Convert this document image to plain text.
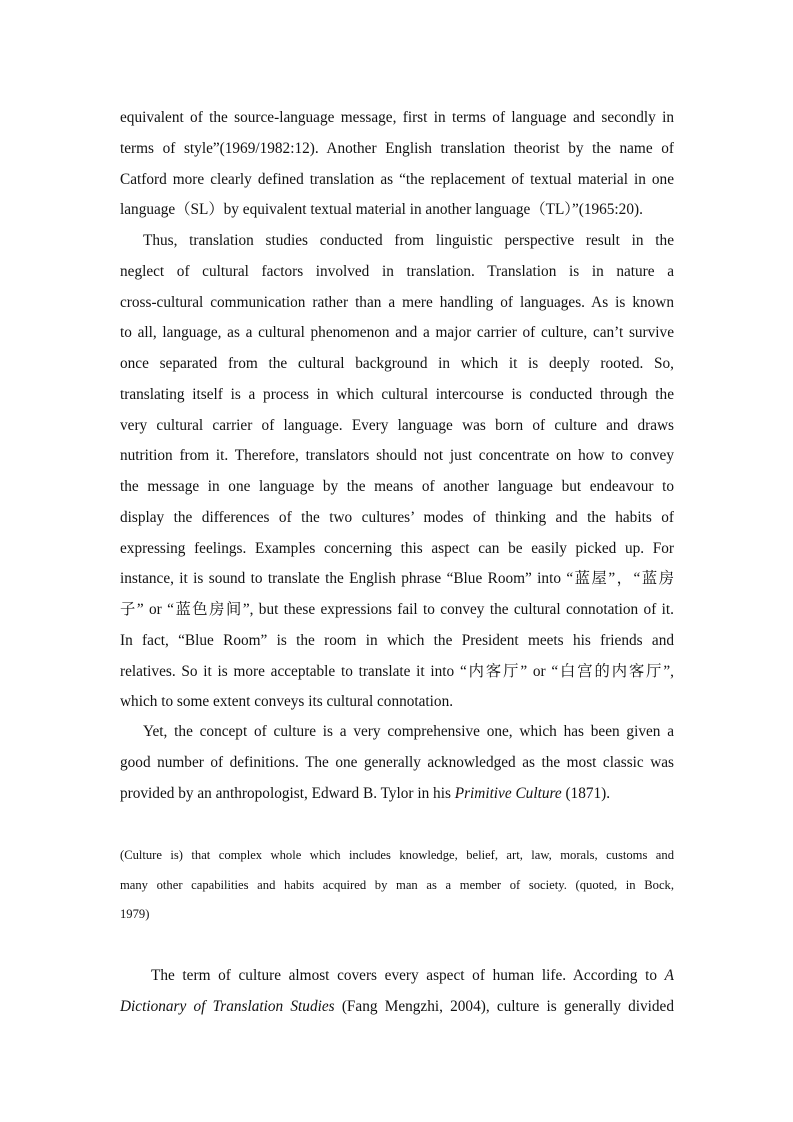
equivalent of the source-language message, first in terms of language and secondly in
terms of style”(1969/1982:12). Another English translation theorist by the name of
Catford more clearly defined translation as “the replacement of textual material in one
language（SL）by equivalent textual material in another language（TL）”(1965:20).
Thus, translation studies conducted from linguistic perspective result in the
neglect of cultural factors involved in translation. Translation is in nature a
cross-cultural communication rather than a mere handling of languages. As is known
to all, language, as a cultural phenomenon and a major carrier of culture, can’t survive
once separated from the cultural background in which it is deeply rooted. So,
translating itself is a process in which cultural intercourse is conducted through the
very cultural carrier of language. Every language was born of culture and draws
nutrition from it. Therefore, translators should not just concentrate on how to convey
the message in one language by the means of another language but endeavour to
display the differences of the two cultures’ modes of thinking and the habits of
expressing feelings. Examples concerning this aspect can be easily picked up. For
instance, it is sound to translate the English phrase “Blue Room” into “蓝屋”，“蓝房
子” or “蓝色房间”, but these expressions fail to convey the cultural connotation of it.
In fact, “Blue Room” is the room in which the President meets his friends and
relatives. So it is more acceptable to translate it into “内客厅” or “白宫的内客厅”,
which to some extent conveys its cultural connotation.
Yet, the concept of culture is a very comprehensive one, which has been given a
good number of definitions. The one generally acknowledged as the most classic was
provided by an anthropologist, Edward B. Tylor in his Primitive Culture (1871).
(Culture is) that complex whole which includes knowledge, belief, art, law, morals, customs and
many other capabilities and habits acquired by man as a member of society. (quoted, in Bock,
1979)
The term of culture almost covers every aspect of human life. According to A
Dictionary of Translation Studies (Fang Mengzhi, 2004), culture is generally divided
